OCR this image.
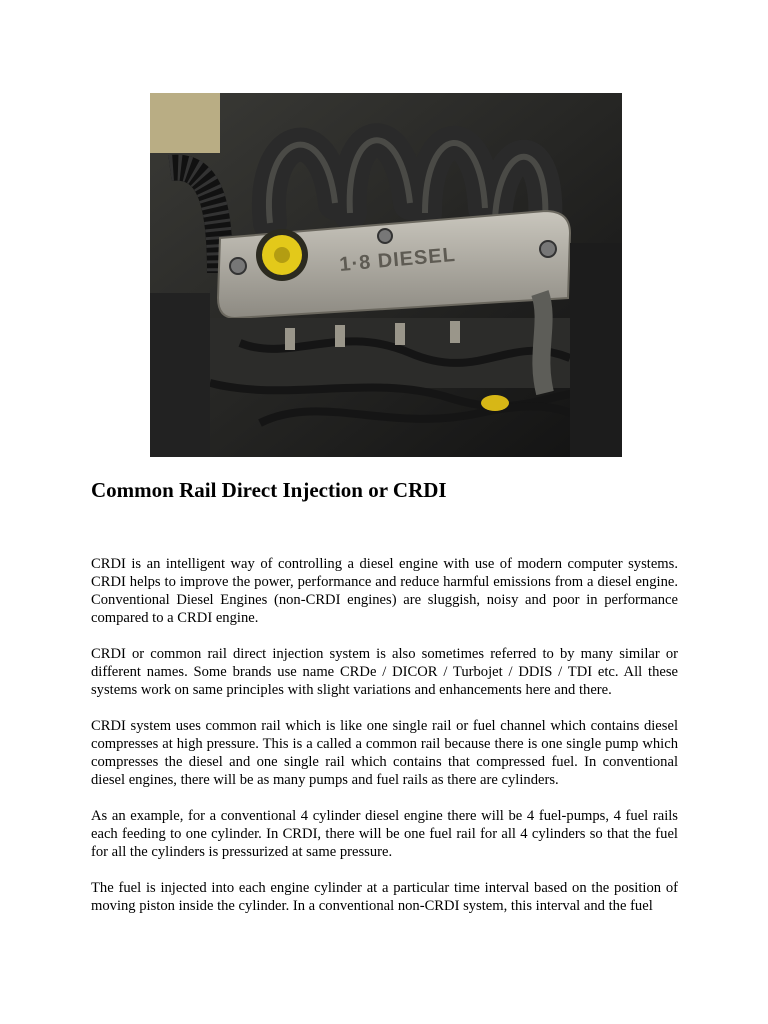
1·8 DIESEL
Common Rail Direct Injection or CRDI

CRDI is an intelligent way of controlling a diesel engine with use of modern computer systems. CRDI helps to improve the power, performance and reduce harmful emissions from a diesel engine. Conventional Diesel Engines (non-CRDI engines) are sluggish, noisy and poor in performance compared to a CRDI engine.

CRDI or common rail direct injection system is also sometimes referred to by many similar or different names. Some brands use name CRDe / DICOR / Turbojet / DDIS / TDI etc. All these systems work on same principles with slight variations and enhancements here and there.

CRDI system uses common rail which is like one single rail or fuel channel which contains diesel compresses at high pressure. This is a called a common rail because there is one single pump which compresses the diesel and one single rail which contains that compressed fuel. In conventional diesel engines, there will be as many pumps and fuel rails as there are cylinders.

As an example, for a conventional 4 cylinder diesel engine there will be 4 fuel-pumps, 4 fuel rails each feeding to one cylinder. In CRDI, there will be one fuel rail for all 4 cylinders so that the fuel for all the cylinders is pressurized at same pressure.

The fuel is injected into each engine cylinder at a particular time interval based on the position of moving piston inside the cylinder. In a conventional non-CRDI system, this interval and the fuel
